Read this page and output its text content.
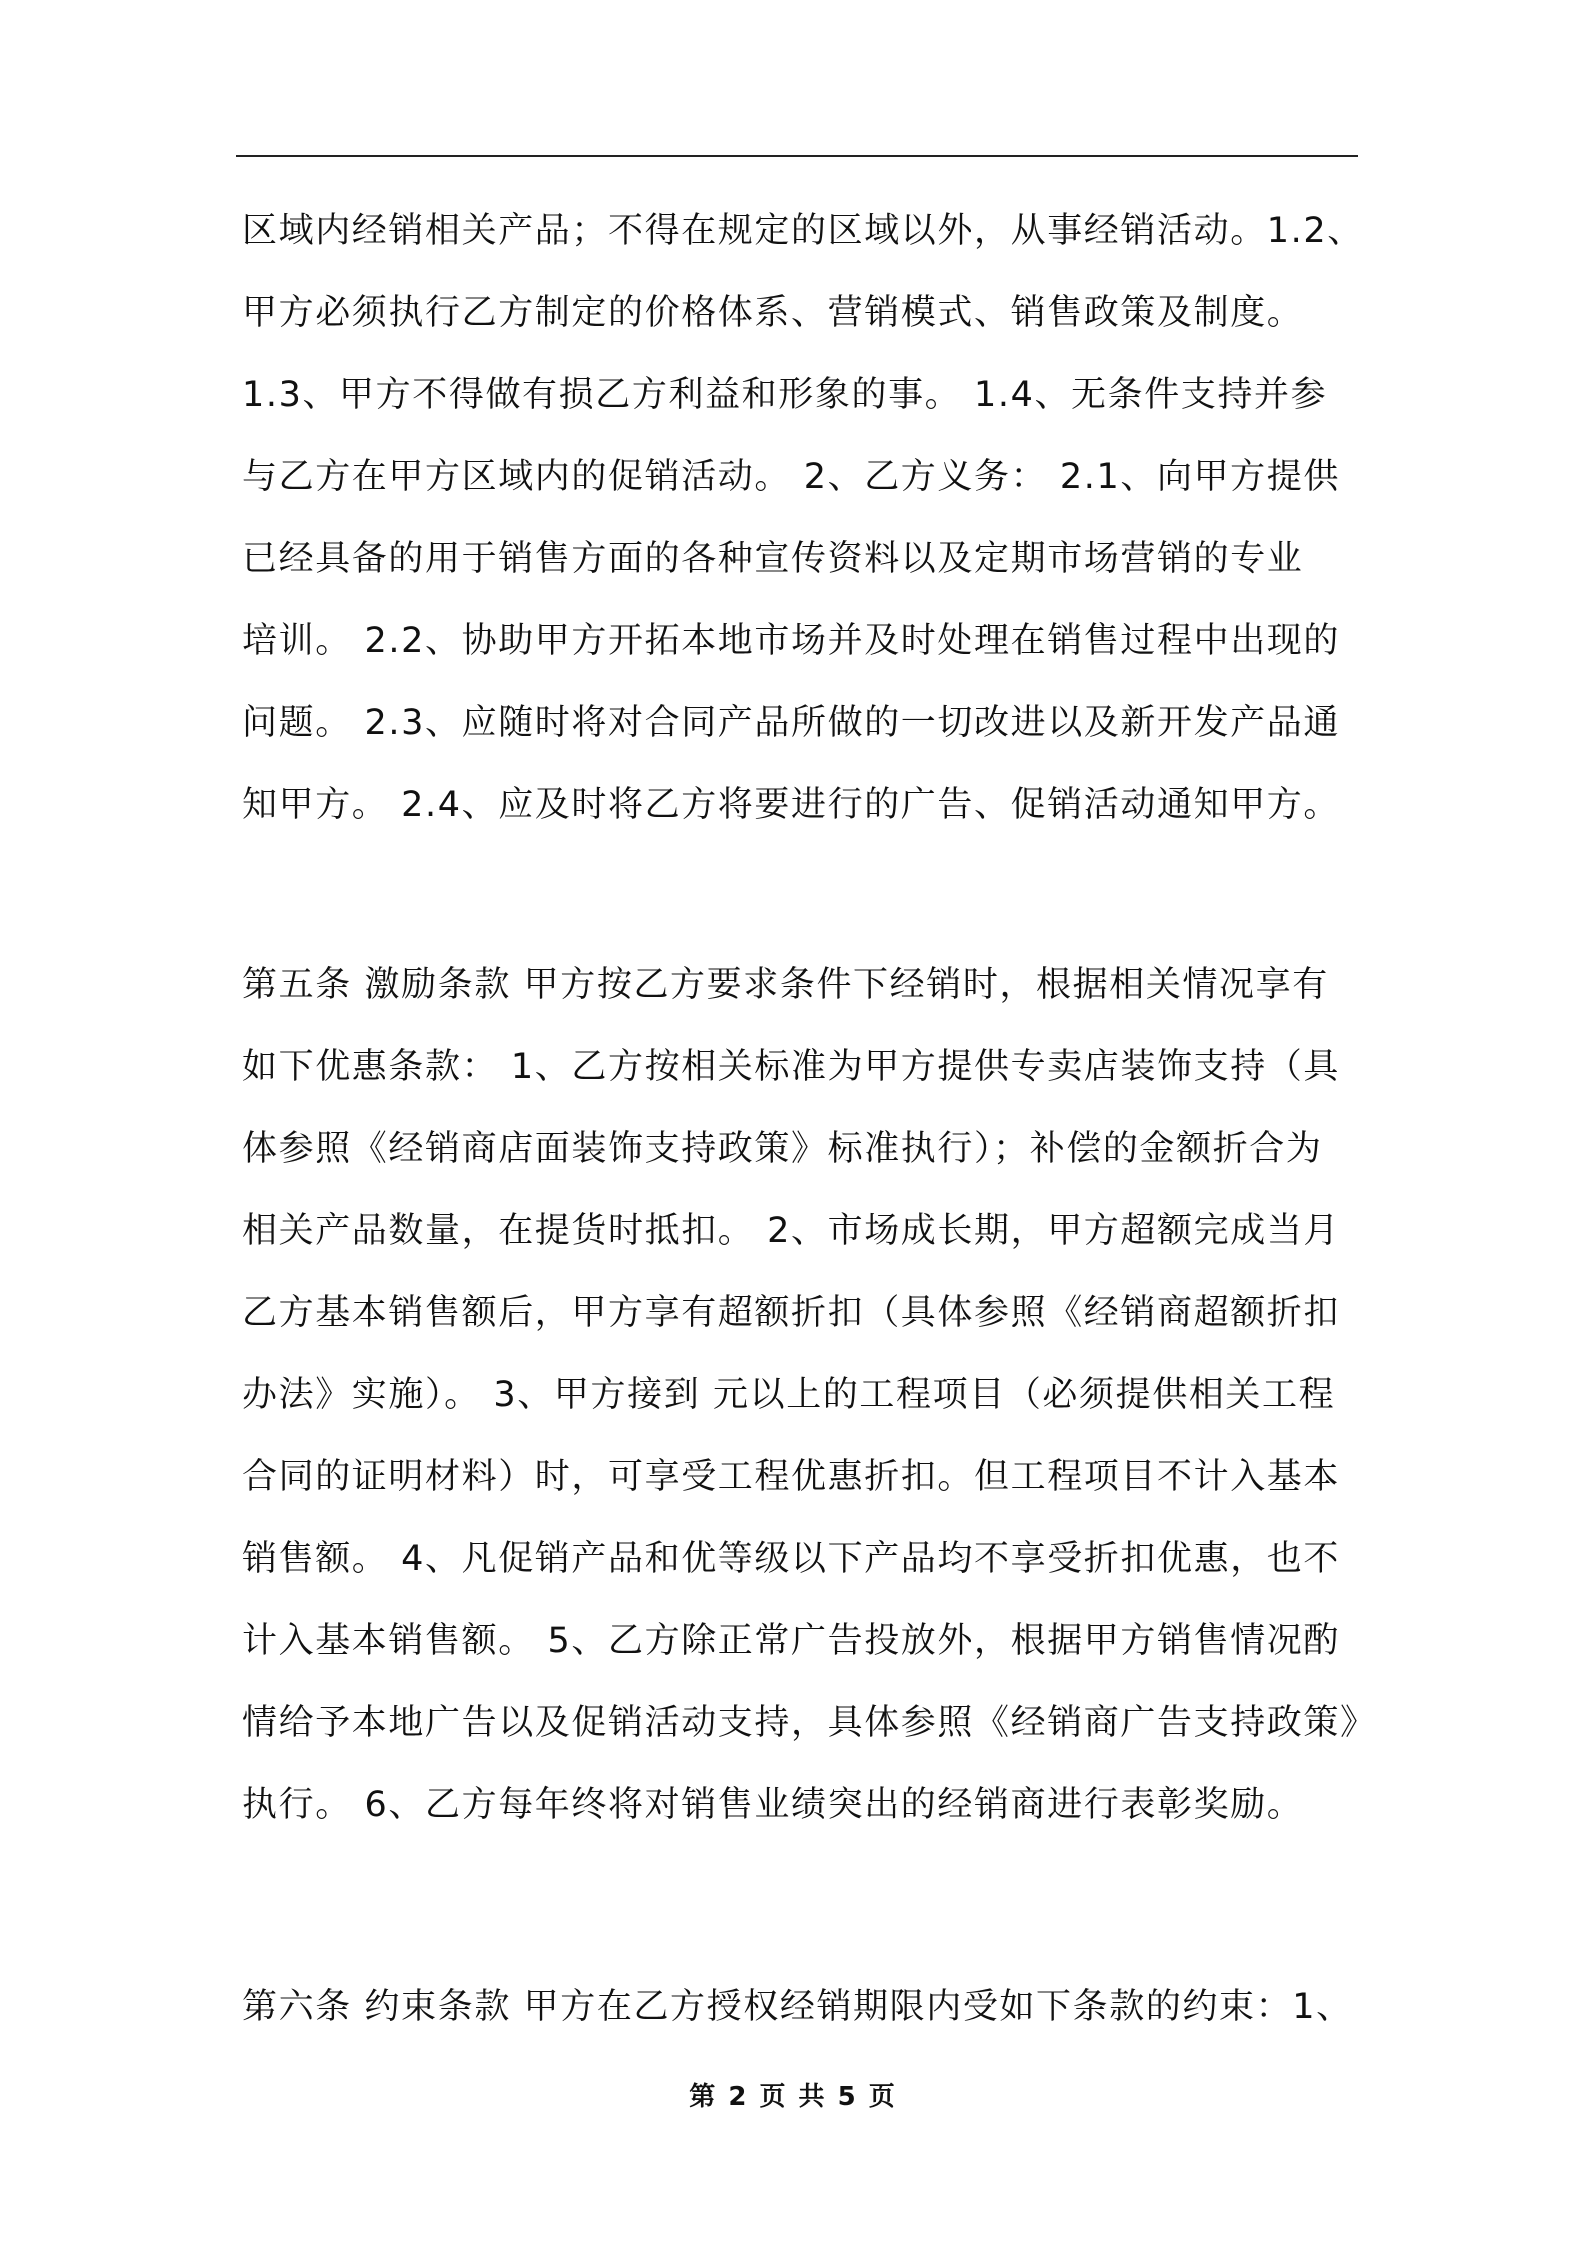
区域内经销相关产品；不得在规定的区域以外，从事经销活动。1.2、
甲方必须执行乙方制定的价格体系、营销模式、销售政策及制度。
1.3、甲方不得做有损乙方利益和形象的事。 1.4、无条件支持并参
与乙方在甲方区域内的促销活动。 2、乙方义务： 2.1、向甲方提供
已经具备的用于销售方面的各种宣传资料以及定期市场营销的专业
培训。 2.2、协助甲方开拓本地市场并及时处理在销售过程中出现的
问题。 2.3、应随时将对合同产品所做的一切改进以及新开发产品通
知甲方。 2.4、应及时将乙方将要进行的广告、促销活动通知甲方。
第五条 激励条款 甲方按乙方要求条件下经销时，根据相关情况享有
如下优惠条款： 1、乙方按相关标准为甲方提供专卖店装饰支持（具
体参照《经销商店面装饰支持政策》标准执行）；补偿的金额折合为
相关产品数量，在提货时抵扣。 2、市场成长期，甲方超额完成当月
乙方基本销售额后，甲方享有超额折扣（具体参照《经销商超额折扣
办法》实施）。 3、甲方接到 元以上的工程项目（必须提供相关工程
合同的证明材料）时，可享受工程优惠折扣。但工程项目不计入基本
销售额。 4、凡促销产品和优等级以下产品均不享受折扣优惠，也不
计入基本销售额。 5、乙方除正常广告投放外，根据甲方销售情况酌
情给予本地广告以及促销活动支持，具体参照《经销商广告支持政策》
执行。 6、乙方每年终将对销售业绩突出的经销商进行表彰奖励。
第六条 约束条款 甲方在乙方授权经销期限内受如下条款的约束：1、
第 2 页 共 5 页
